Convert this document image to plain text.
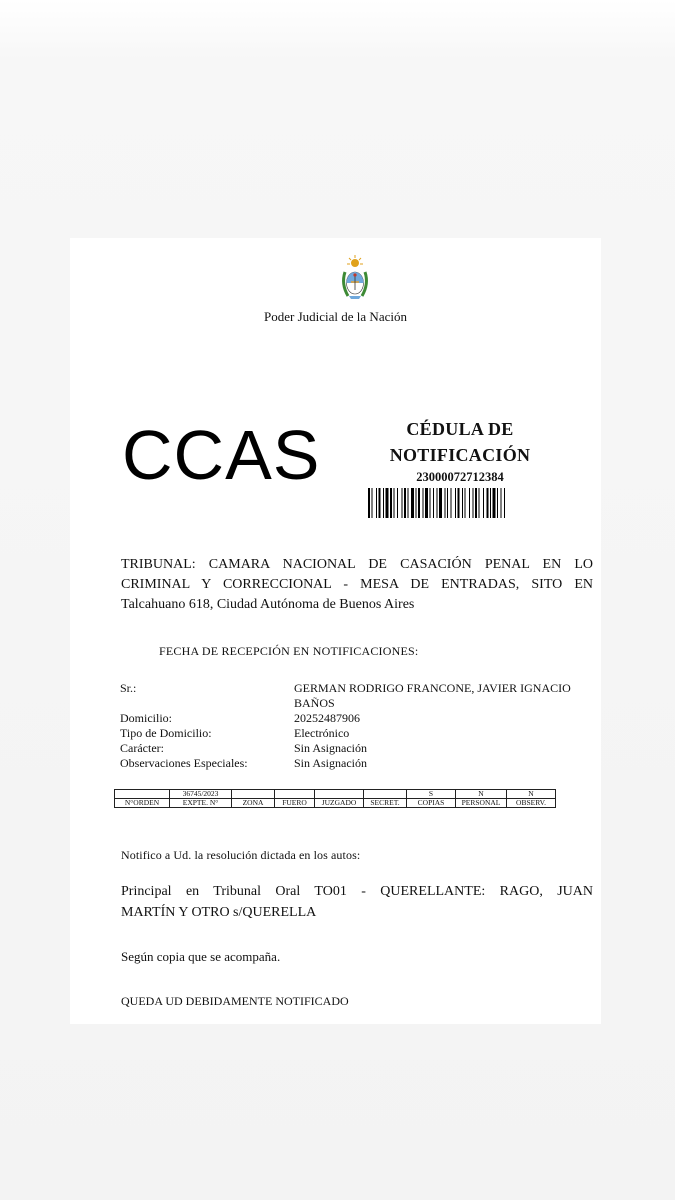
Poder Judicial de la Nación
CCAS	CÉDULA DE
NOTIFICACIÓN
23000072712384
TRIBUNAL: CAMARA NACIONAL DE CASACIÓN PENAL EN LO
CRIMINAL Y CORRECCIONAL - MESA DE ENTRADAS, SITO EN
Talcahuano 618, Ciudad Autónoma de Buenos Aires
FECHA DE RECEPCIÓN EN NOTIFICACIONES:
Sr.:	GERMAN RODRIGO FRANCONE, JAVIER IGNACIO
BAÑOS
Domicilio:	20252487906
Tipo de Domicilio:	Electrónico
Carácter:	Sin Asignación
Observaciones Especiales:	Sin Asignación
	36745/2023					S	N	N
N°ORDEN	EXPTE. N°	ZONA	FUERO	JUZGADO	SECRET.	COPIAS	PERSONAL	OBSERV.
Notifico a Ud. la resolución dictada en los autos:
Principal en Tribunal Oral TO01 - QUERELLANTE: RAGO, JUAN
MARTÍN Y OTRO s/QUERELLA
Según copia que se acompaña.
QUEDA UD DEBIDAMENTE NOTIFICADO
